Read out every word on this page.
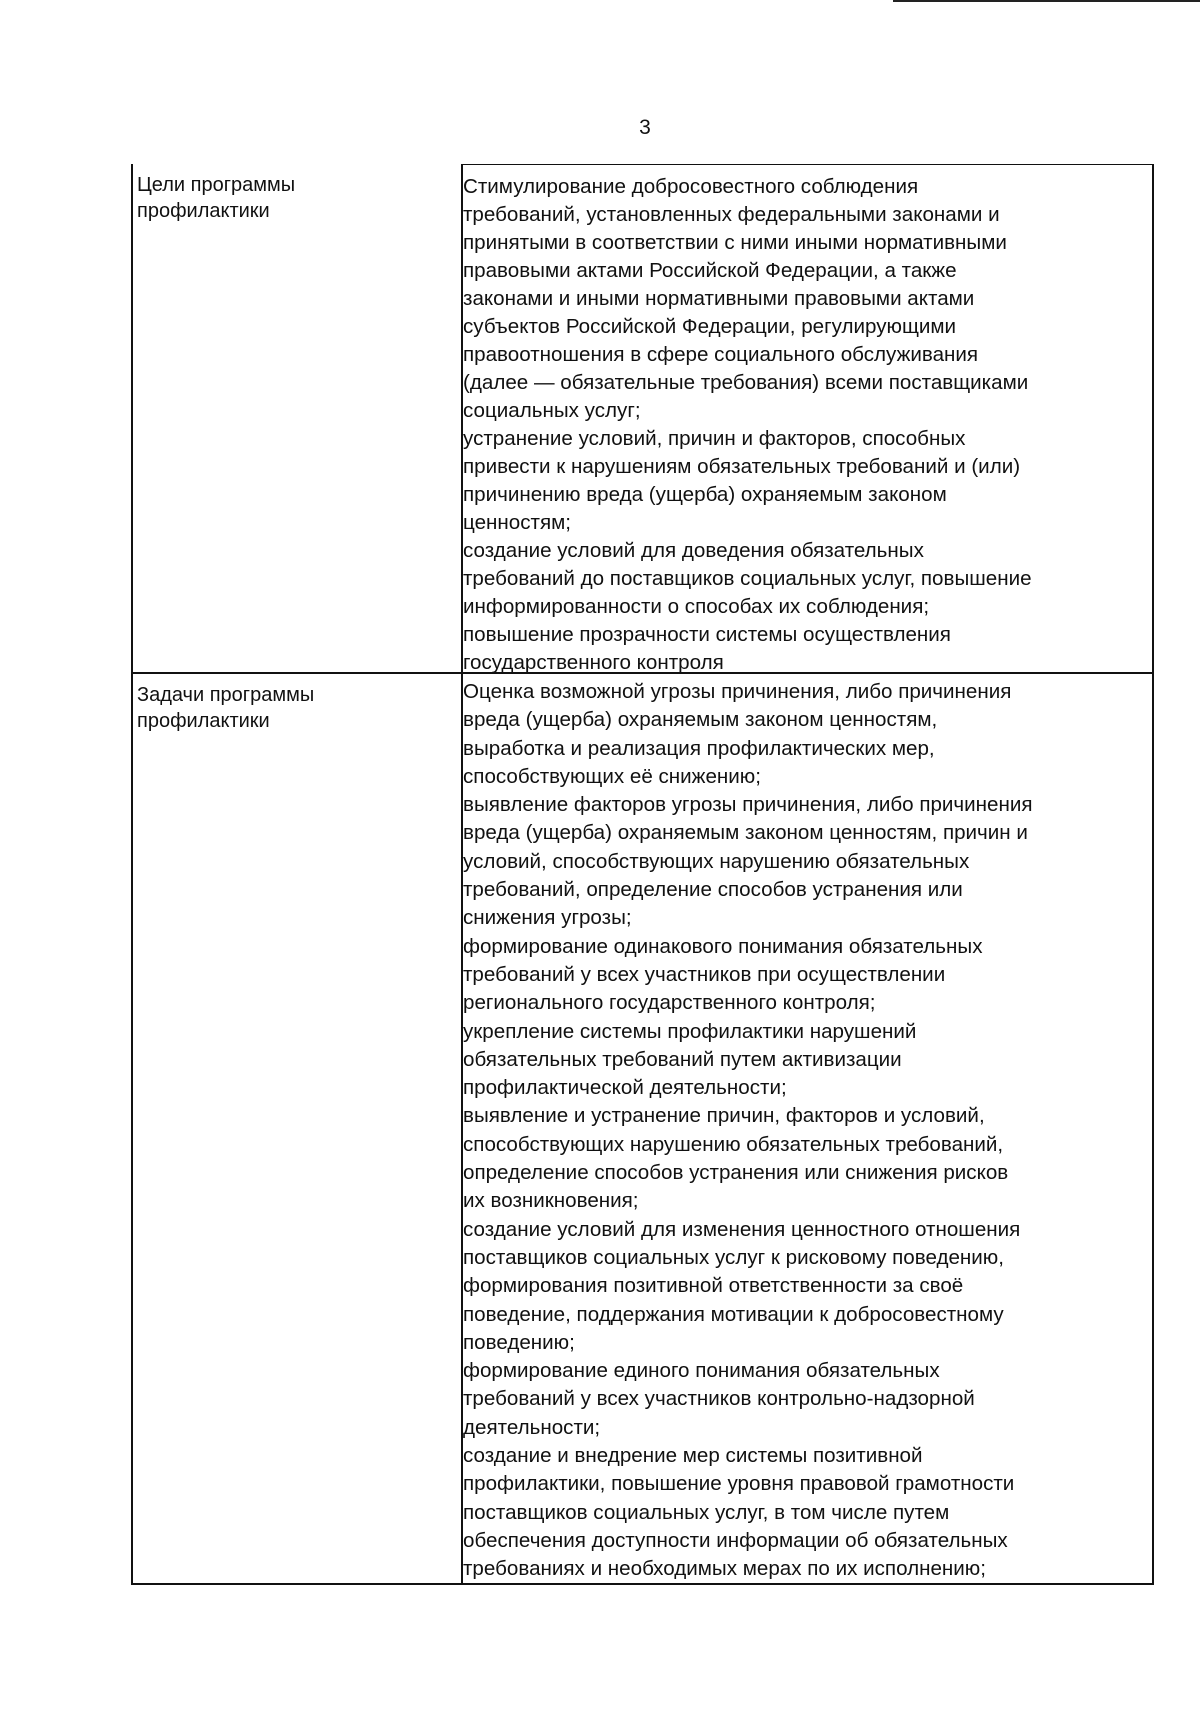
3
Цели программы
профилактики
Стимулирование добросовестного соблюдения
требований, установленных федеральными законами и
принятыми в соответствии с ними иными нормативными
правовыми актами Российской Федерации, а также
законами и иными нормативными правовыми актами
субъектов Российской Федерации, регулирующими
правоотношения в сфере социального обслуживания
(далее — обязательные требования) всеми поставщиками
социальных услуг;
устранение условий, причин и факторов, способных
привести к нарушениям обязательных требований и (или)
причинению вреда (ущерба) охраняемым законом
ценностям;
создание условий для доведения обязательных
требований до поставщиков социальных услуг, повышение
информированности о способах их соблюдения;
повышение прозрачности системы осуществления
государственного контроля
Задачи программы
профилактики
Оценка возможной угрозы причинения, либо причинения
вреда (ущерба) охраняемым законом ценностям,
выработка и реализация профилактических мер,
способствующих её снижению;
выявление факторов угрозы причинения, либо причинения
вреда (ущерба) охраняемым законом ценностям, причин и
условий, способствующих нарушению обязательных
требований, определение способов устранения или
снижения угрозы;
формирование одинакового понимания обязательных
требований у всех участников при осуществлении
регионального государственного контроля;
укрепление системы профилактики нарушений
обязательных требований путем активизации
профилактической деятельности;
выявление и устранение причин, факторов и условий,
способствующих нарушению обязательных требований,
определение способов устранения или снижения рисков
их возникновения;
создание условий для изменения ценностного отношения
поставщиков социальных услуг к рисковому поведению,
формирования позитивной ответственности за своё
поведение, поддержания мотивации к добросовестному
поведению;
формирование единого понимания обязательных
требований у всех участников контрольно-надзорной
деятельности;
создание и внедрение мер системы позитивной
профилактики, повышение уровня правовой грамотности
поставщиков социальных услуг, в том числе путем
обеспечения доступности информации об обязательных
требованиях и необходимых мерах по их исполнению;
